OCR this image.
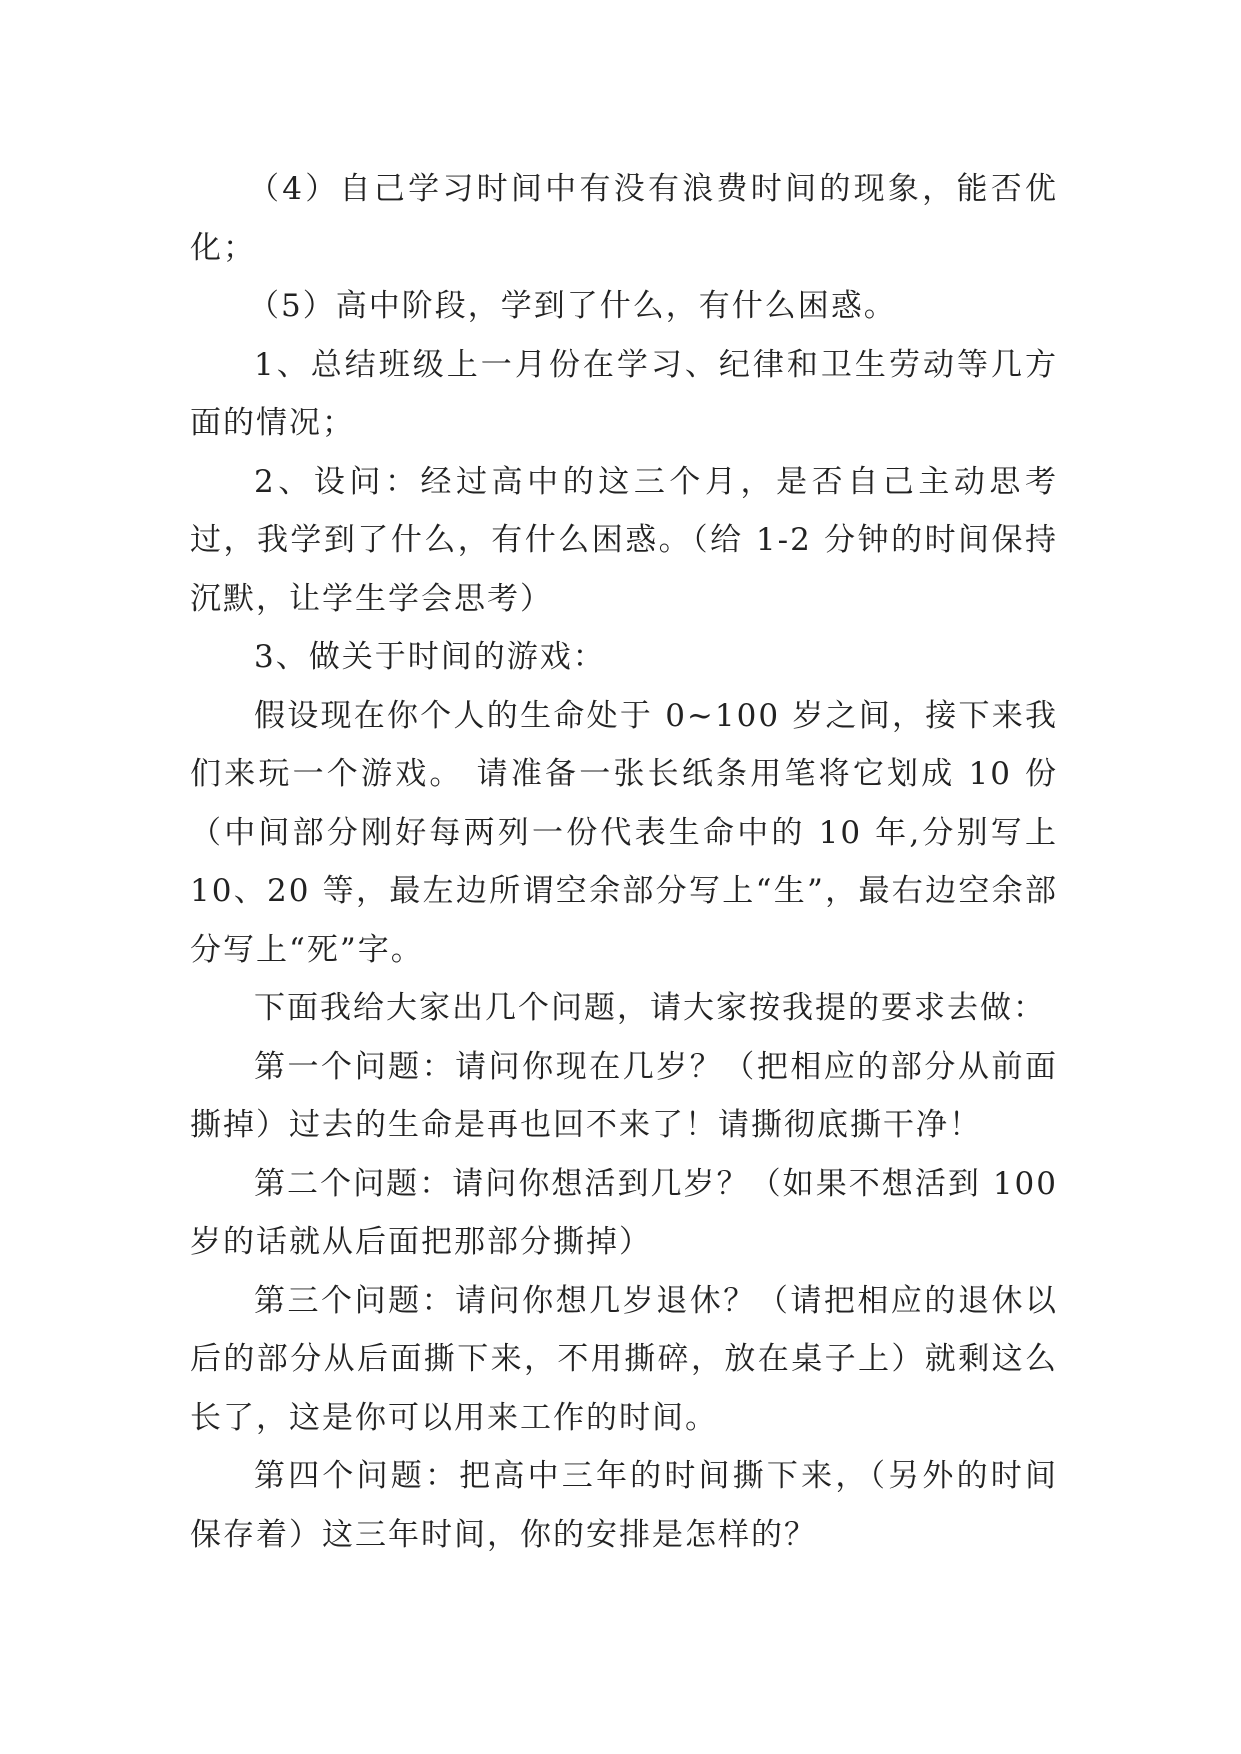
（4）自己学习时间中有没有浪费时间的现象，能否优化；

（5）高中阶段，学到了什么，有什么困惑。

1、总结班级上一月份在学习、纪律和卫生劳动等几方面的情况；

2、设问：经过高中的这三个月，是否自己主动思考过，我学到了什么，有什么困惑。（给 1-2 分钟的时间保持沉默，让学生学会思考）

3、做关于时间的游戏：

假设现在你个人的生命处于 0~100 岁之间，接下来我们来玩一个游戏。 请准备一张长纸条用笔将它划成 10 份（中间部分刚好每两列一份代表生命中的 10 年,分别写上 10、20 等，最左边所谓空余部分写上“生”，最右边空余部分写上“死”字。

下面我给大家出几个问题，请大家按我提的要求去做：

第一个问题：请问你现在几岁？（把相应的部分从前面撕掉）过去的生命是再也回不来了！请撕彻底撕干净！

第二个问题：请问你想活到几岁？（如果不想活到 100 岁的话就从后面把那部分撕掉）

第三个问题：请问你想几岁退休？（请把相应的退休以后的部分从后面撕下来，不用撕碎，放在桌子上）就剩这么长了，这是你可以用来工作的时间。

第四个问题：把高中三年的时间撕下来，（另外的时间保存着）这三年时间，你的安排是怎样的？
